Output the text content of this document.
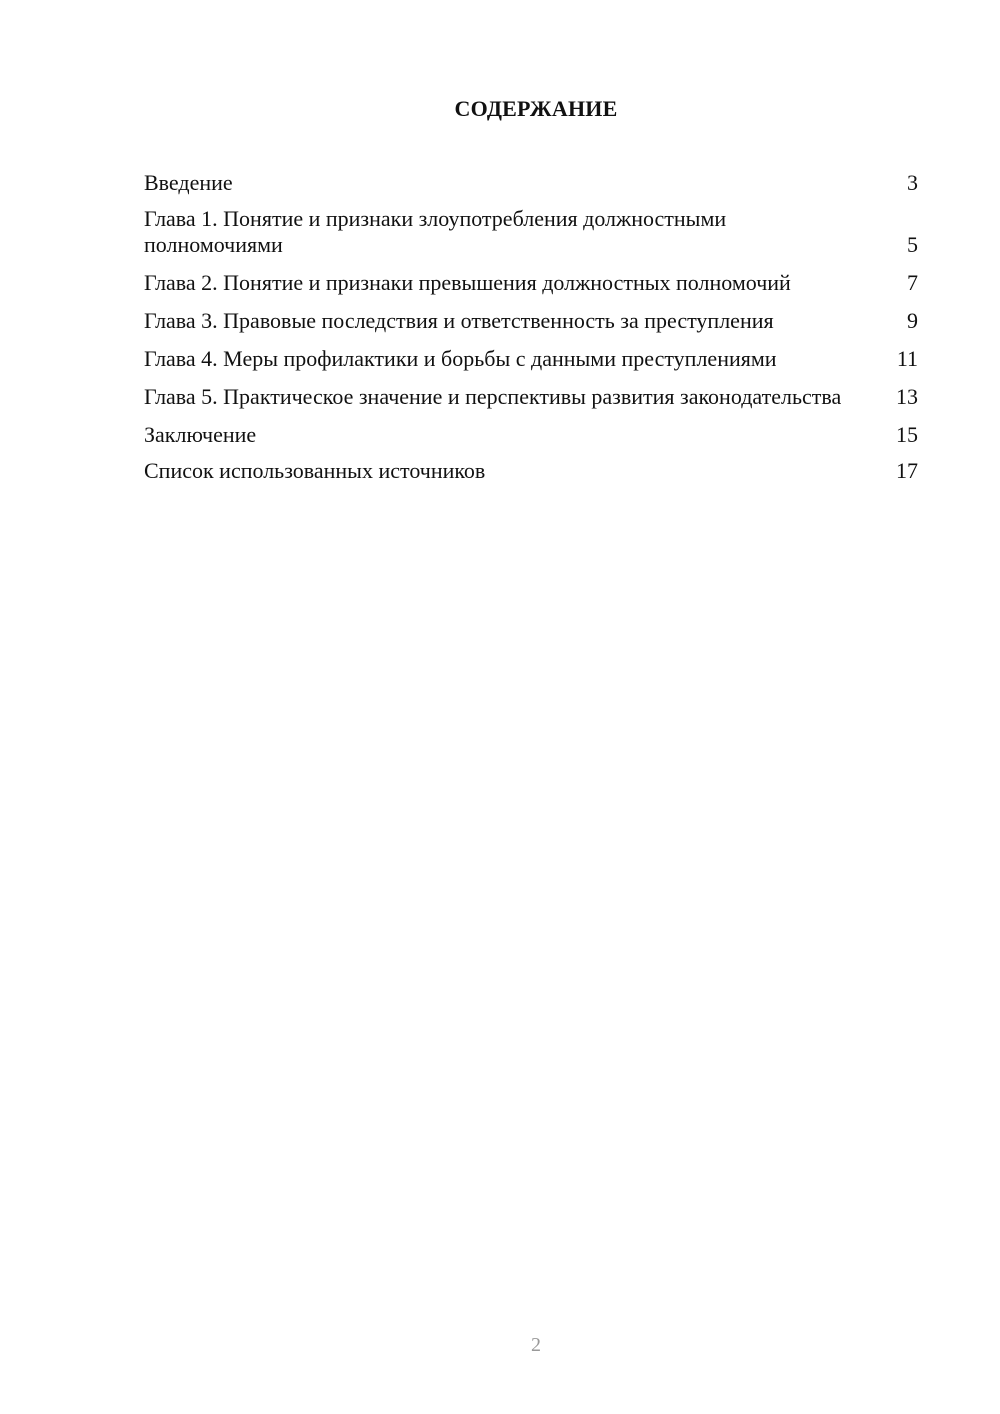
СОДЕРЖАНИЕ
Введение	3
Глава 1. Понятие и признаки злоупотребления должностными полномочиями	5
Глава 2. Понятие и признаки превышения должностных полномочий	7
Глава 3. Правовые последствия и ответственность за преступления	9
Глава 4. Меры профилактики и борьбы с данными преступлениями	11
Глава 5. Практическое значение и перспективы развития законодательства	13
Заключение	15
Список использованных источников	17
2
